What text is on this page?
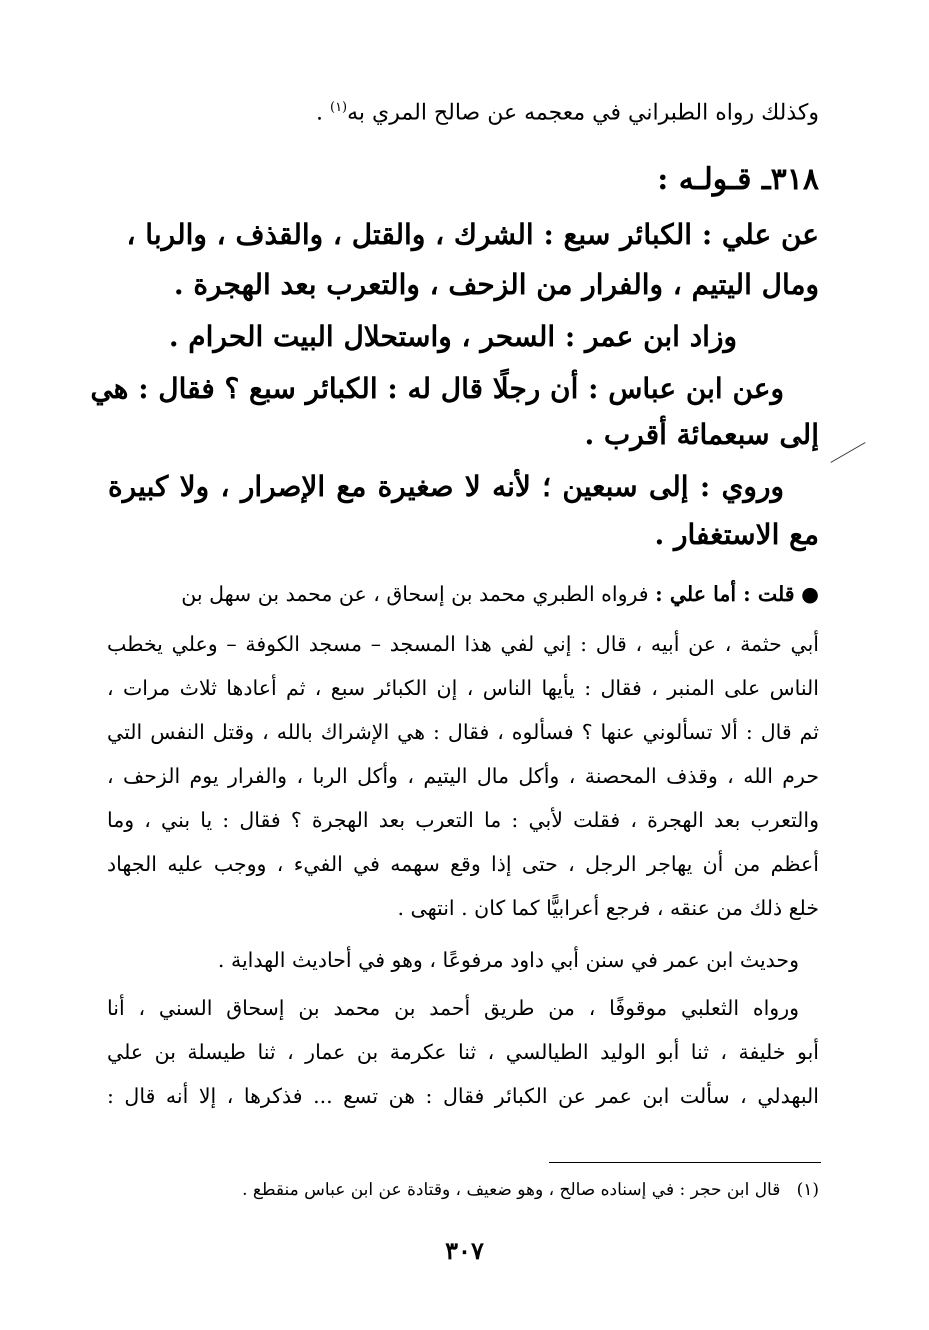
وكذلك رواه الطبراني في معجمه عن صالح المري به$^{(١)}$ .
٣١٨ـ قـولـه :
عن علي : الكبائر سبع : الشرك ، والقتل ، والقذف ، والربا ،
ومال اليتيم ، والفرار من الزحف ، والتعرب بعد الهجرة .
وزاد ابن عمر : السحر ، واستحلال البيت الحرام .
وعن ابن عباس : أن رجلًا قال له : الكبائر سبع ؟ فقال : هي
إلى سبعمائة أقرب .
وروي : إلى سبعين ؛ لأنه لا صغيرة مع الإصرار ، ولا كبيرة
مع الاستغفار .
● قلت : أما علي : فرواه الطبري محمد بن إسحاق ، عن محمد بن سهل بن
أبي حثمة ، عن أبيه ، قال : إني لفي هذا المسجد – مسجد الكوفة – وعلي يخطب
الناس على المنبر ، فقال : يأيها الناس ، إن الكبائر سبع ، ثم أعادها ثلاث مرات ،
ثم قال : ألا تسألوني عنها ؟ فسألوه ، فقال : هي الإشراك بالله ، وقتل النفس التي
حرم الله ، وقذف المحصنة ، وأكل مال اليتيم ، وأكل الربا ، والفرار يوم الزحف ،
والتعرب بعد الهجرة ، فقلت لأبي : ما التعرب بعد الهجرة ؟ فقال : يا بني ، وما
أعظم من أن يهاجر الرجل ، حتى إذا وقع سهمه في الفيء ، ووجب عليه الجهاد
خلع ذلك من عنقه ، فرجع أعرابيًّا كما كان . انتهى .
وحديث ابن عمر في سنن أبي داود مرفوعًا ، وهو في أحاديث الهداية .
ورواه الثعلبي موقوفًا ، من طريق أحمد بن محمد بن إسحاق السني ، أنا
أبو خليفة ، ثنا أبو الوليد الطيالسي ، ثنا عكرمة بن عمار ، ثنا طيسلة بن علي
البهدلي ، سألت ابن عمر عن الكبائر فقال : هن تسع ... فذكرها ، إلا أنه قال :
(١)   قال ابن حجر : في إسناده صالح ، وهو ضعيف ، وقتادة عن ابن عباس منقطع .
٣٠٧
